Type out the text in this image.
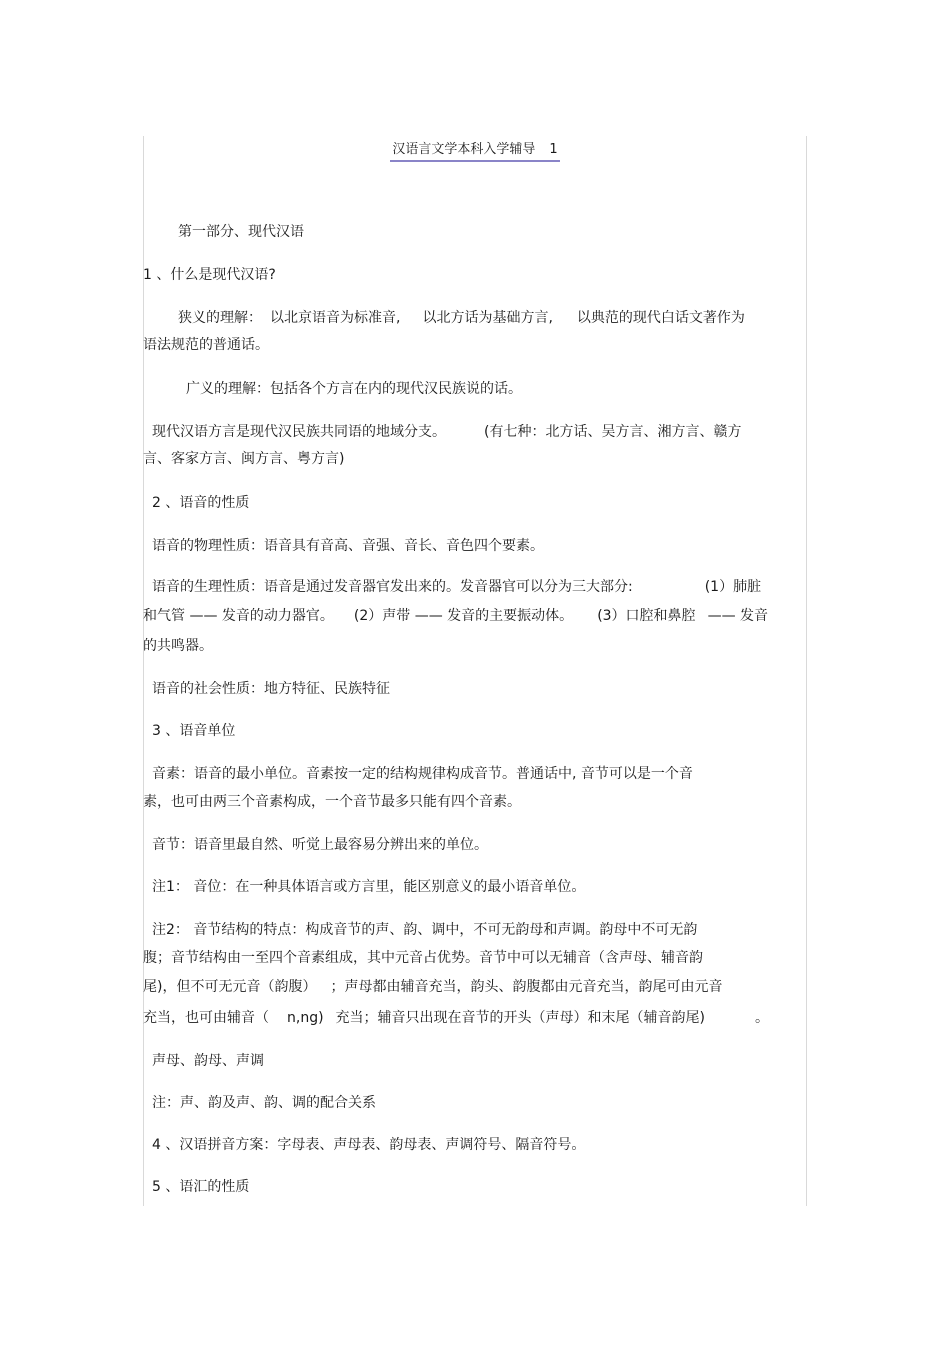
汉语言文学本科入学辅导 1
第一部分、现代汉语
1 、什么是现代汉语?
狭义的理解： 以北京语音为标准音, 以北方话为基础方言, 以典范的现代白话文著作为
语法规范的普通话。
广义的理解：包括各个方言在内的现代汉民族说的话。
现代汉语方言是现代汉民族共同语的地域分支。	(有七种：北方话、吴方言、湘方言、赣方
言、客家方言、闽方言、粤方言)
2 、语音的性质
语音的物理性质：语音具有音高、音强、音长、音色四个要素。
语音的生理性质：语音是通过发音器官发出来的。发音器官可以分为三大部分:	(1）肺脏
和气管 —— 发音的动力器官。 (2）声带 —— 发音的主要振动体。 (3）口腔和鼻腔 —— 发音
的共鸣器。
语音的社会性质：地方特征、民族特征
3 、语音单位
音素：语音的最小单位。音素按一定的结构规律构成音节。普通话中, 音节可以是一个音
素，也可由两三个音素构成，一个音节最多只能有四个音素。
音节：语音里最自然、听觉上最容易分辨出来的单位。
注1： 音位：在一种具体语言或方言里，能区别意义的最小语音单位。
注2： 音节结构的特点：构成音节的声、韵、调中，不可无韵母和声调。韵母中不可无韵
腹；音节结构由一至四个音素组成，其中元音占优势。音节中可以无辅音（含声母、辅音韵
尾)，但不可无元音（韵腹） ；声母都由辅音充当，韵头、韵腹都由元音充当，韵尾可由元音
充当，也可由辅音（ n,ng) 充当；辅音只出现在音节的开头（声母）和末尾（辅音韵尾)	。
声母、韵母、声调
注：声、韵及声、韵、调的配合关系
4 、汉语拼音方案：字母表、声母表、韵母表、声调符号、隔音符号。
5 、语汇的性质
